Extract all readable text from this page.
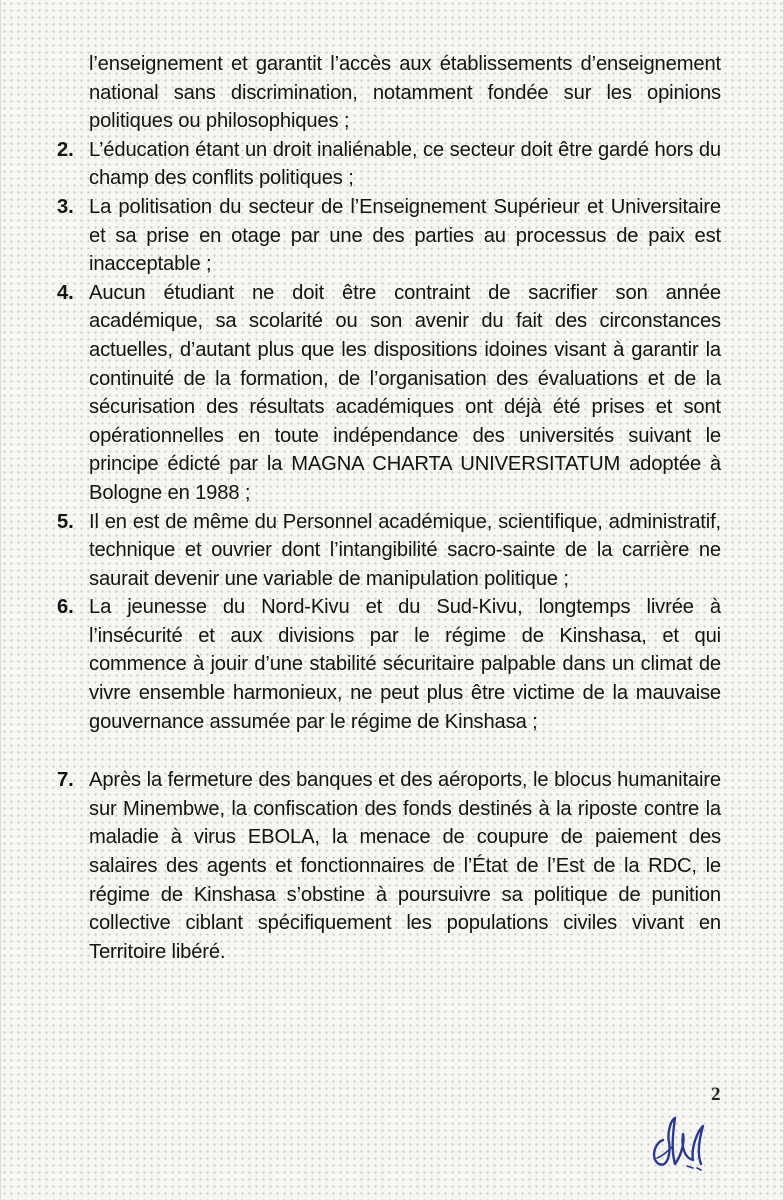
l’enseignement et garantit l’accès aux établissements d’enseignement national sans discrimination, notamment fondée sur les opinions politiques ou philosophiques ;

2. L’éducation étant un droit inaliénable, ce secteur doit être gardé hors du champ des conflits politiques ;
3. La politisation du secteur de l’Enseignement Supérieur et Universitaire et sa prise en otage par une des parties au processus de paix est inacceptable ;
4. Aucun étudiant ne doit être contraint de sacrifier son année académique, sa scolarité ou son avenir du fait des circonstances actuelles, d’autant plus que les dispositions idoines visant à garantir la continuité de la formation, de l’organisation des évaluations et de la sécurisation des résultats académiques ont déjà été prises et sont opérationnelles en toute indépendance des universités suivant le principe édicté par la MAGNA CHARTA UNIVERSITATUM adoptée à Bologne en 1988 ;
5. Il en est de même du Personnel académique, scientifique, administratif, technique et ouvrier dont l’intangibilité sacro-sainte de la carrière ne saurait devenir une variable de manipulation politique ;
6. La jeunesse du Nord-Kivu et du Sud-Kivu, longtemps livrée à l’insécurité et aux divisions par le régime de Kinshasa, et qui commence à jouir d’une stabilité sécuritaire palpable dans un climat de vivre ensemble harmonieux, ne peut plus être victime de la mauvaise gouvernance assumée par le régime de Kinshasa ;
7. Après la fermeture des banques et des aéroports, le blocus humanitaire sur Minembwe, la confiscation des fonds destinés à la riposte contre la maladie à virus EBOLA, la menace de coupure de paiement des salaires des agents et fonctionnaires de l’État de l’Est de la RDC, le régime de Kinshasa s’obstine à poursuivre sa politique de punition collective ciblant spécifiquement les populations civiles vivant en Territoire libéré.
2
